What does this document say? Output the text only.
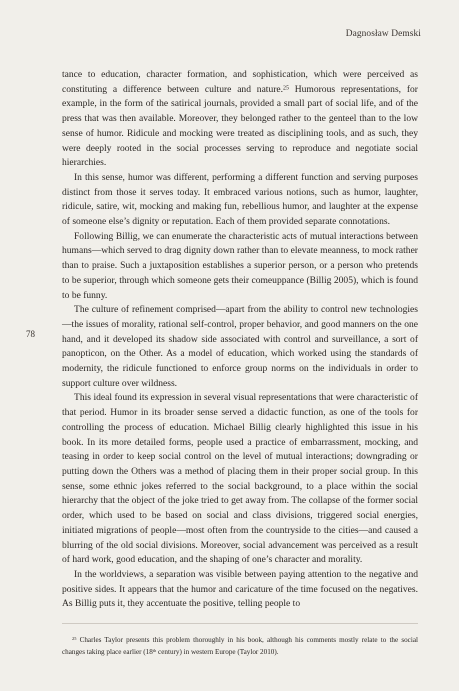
Dagnosław Demski
78

tance to education, character formation, and sophistication, which were perceived as constituting a difference between culture and nature.$^{25}$ Humorous representations, for example, in the form of the satirical journals, provided a small part of social life, and of the press that was then available. Moreover, they belonged rather to the genteel than to the low sense of humor. Ridicule and mocking were treated as disciplining tools, and as such, they were deeply rooted in the social processes serving to reproduce and negotiate social hierarchies.

In this sense, humor was different, performing a different function and serving purposes distinct from those it serves today. It embraced various notions, such as humor, laughter, ridicule, satire, wit, mocking and making fun, rebellious humor, and laughter at the expense of someone else’s dignity or reputation. Each of them provided separate connotations.

Following Billig, we can enumerate the characteristic acts of mutual interactions between humans—which served to drag dignity down rather than to elevate meanness, to mock rather than to praise. Such a juxtaposition establishes a superior person, or a person who pretends to be superior, through which someone gets their comeuppance (Billig 2005), which is found to be funny.

The culture of refinement comprised—apart from the ability to control new technologies —the issues of morality, rational self-control, proper behavior, and good manners on the one hand, and it developed its shadow side associated with control and surveillance, a sort of panopticon, on the Other. As a model of education, which worked using the standards of modernity, the ridicule functioned to enforce group norms on the individuals in order to support culture over wildness.

This ideal found its expression in several visual representations that were characteristic of that period. Humor in its broader sense served a didactic function, as one of the tools for controlling the process of education. Michael Billig clearly highlighted this issue in his book. In its more detailed forms, people used a practice of embarrassment, mocking, and teasing in order to keep social control on the level of mutual interactions; downgrading or putting down the Others was a method of placing them in their proper social group. In this sense, some ethnic jokes referred to the social background, to a place within the social hierarchy that the object of the joke tried to get away from. The collapse of the former social order, which used to be based on social and class divisions, triggered social energies, initiated migrations of people—most often from the countryside to the cities—and caused a blurring of the old social divisions. Moreover, social advancement was perceived as a result of hard work, good education, and the shaping of one’s character and morality.

In the worldviews, a separation was visible between paying attention to the negative and positive sides. It appears that the humor and caricature of the time focused on the negatives. As Billig puts it, they accentuate the positive, telling people to

$^{25}$ Charles Taylor presents this problem thoroughly in his book, although his comments mostly relate to the social changes taking place earlier (18th century) in western Europe (Taylor 2010).
